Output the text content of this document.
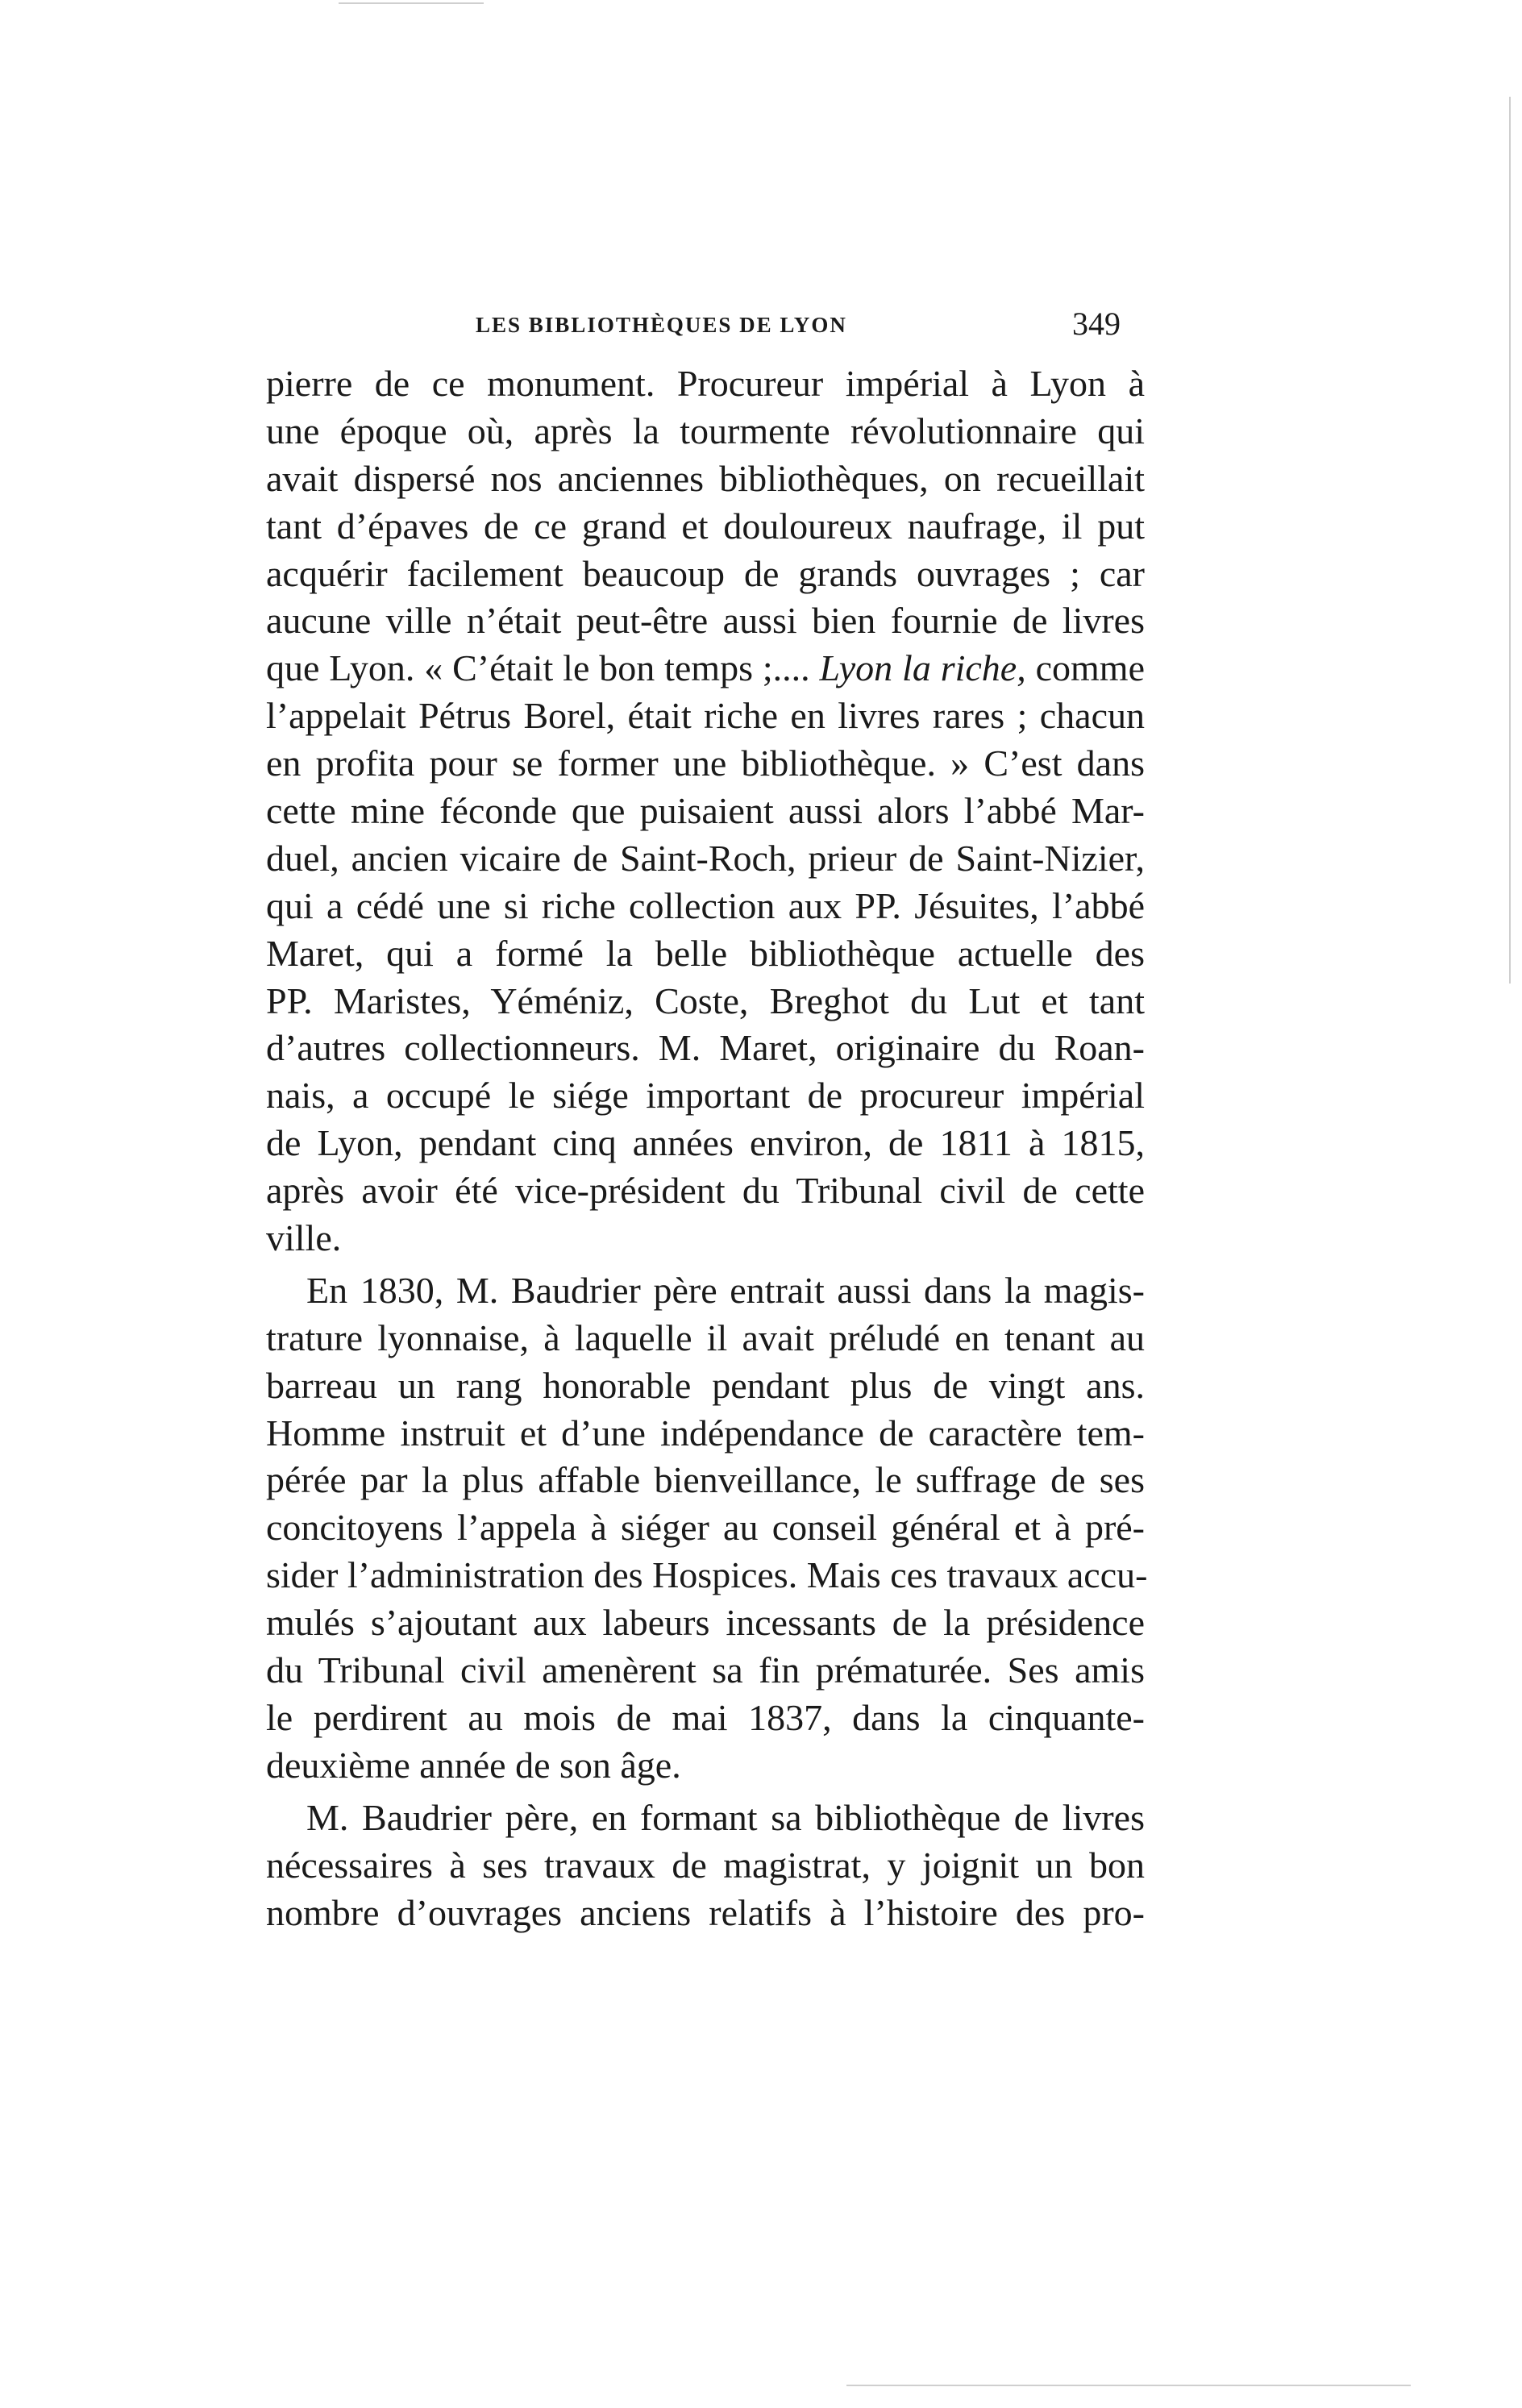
LES BIBLIOTHÈQUES DE LYON	349
pierre de ce monument. Procureur impérial à Lyon à
une époque où, après la tourmente révolutionnaire qui
avait dispersé nos anciennes bibliothèques, on recueillait
tant d’épaves de ce grand et douloureux naufrage, il put
acquérir facilement beaucoup de grands ouvrages ; car
aucune ville n’était peut-être aussi bien fournie de livres
que Lyon. « C’était le bon temps ;.... Lyon la riche, comme
l’appelait Pétrus Borel, était riche en livres rares ; chacun
en profita pour se former une bibliothèque. » C’est dans
cette mine féconde que puisaient aussi alors l’abbé Mar-
duel, ancien vicaire de Saint-Roch, prieur de Saint-Nizier,
qui a cédé une si riche collection aux PP. Jésuites, l’abbé
Maret, qui a formé la belle bibliothèque actuelle des
PP. Maristes, Yéméniz, Coste, Breghot du Lut et tant
d’autres collectionneurs. M. Maret, originaire du Roan-
nais, a occupé le siége important de procureur impérial
de Lyon, pendant cinq années environ, de 1811 à 1815,
après avoir été vice-président du Tribunal civil de cette
ville.
En 1830, M. Baudrier père entrait aussi dans la magis-
trature lyonnaise, à laquelle il avait préludé en tenant au
barreau un rang honorable pendant plus de vingt ans.
Homme instruit et d’une indépendance de caractère tem-
pérée par la plus affable bienveillance, le suffrage de ses
concitoyens l’appela à siéger au conseil général et à pré-
sider l’administration des Hospices. Mais ces travaux accu-
mulés s’ajoutant aux labeurs incessants de la présidence
du Tribunal civil amenèrent sa fin prématurée. Ses amis
le perdirent au mois de mai 1837, dans la cinquante-
deuxième année de son âge.
M. Baudrier père, en formant sa bibliothèque de livres
nécessaires à ses travaux de magistrat, y joignit un bon
nombre d’ouvrages anciens relatifs à l’histoire des pro-
